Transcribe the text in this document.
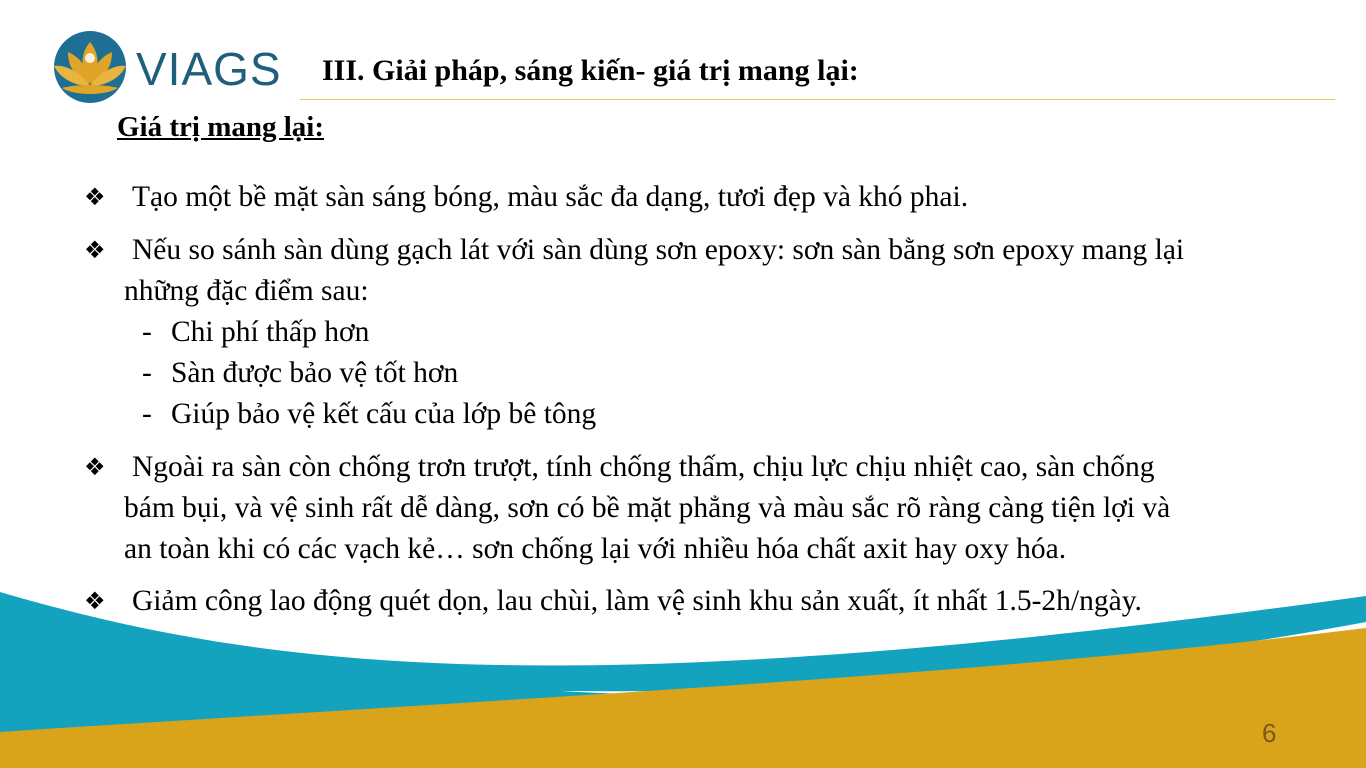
VIAGS III. Giải pháp, sáng kiến- giá trị mang lại:
Giá trị mang lại:
❖ Tạo một bề mặt sàn sáng bóng, màu sắc đa dạng, tươi đẹp và khó phai.
❖ Nếu so sánh sàn dùng gạch lát với sàn dùng sơn epoxy: sơn sàn bằng sơn epoxy mang lại
những đặc điểm sau:
- Chi phí thấp hơn
- Sàn được bảo vệ tốt hơn
- Giúp bảo vệ kết cấu của lớp bê tông
❖ Ngoài ra sàn còn chống trơn trượt, tính chống thấm, chịu lực chịu nhiệt cao, sàn chống
bám bụi, và vệ sinh rất dễ dàng, sơn có bề mặt phẳng và màu sắc rõ ràng càng tiện lợi và
an toàn khi có các vạch kẻ… sơn chống lại với nhiều hóa chất axit hay oxy hóa.
❖ Giảm công lao động quét dọn, lau chùi, làm vệ sinh khu sản xuất, ít nhất 1.5-2h/ngày.
6
